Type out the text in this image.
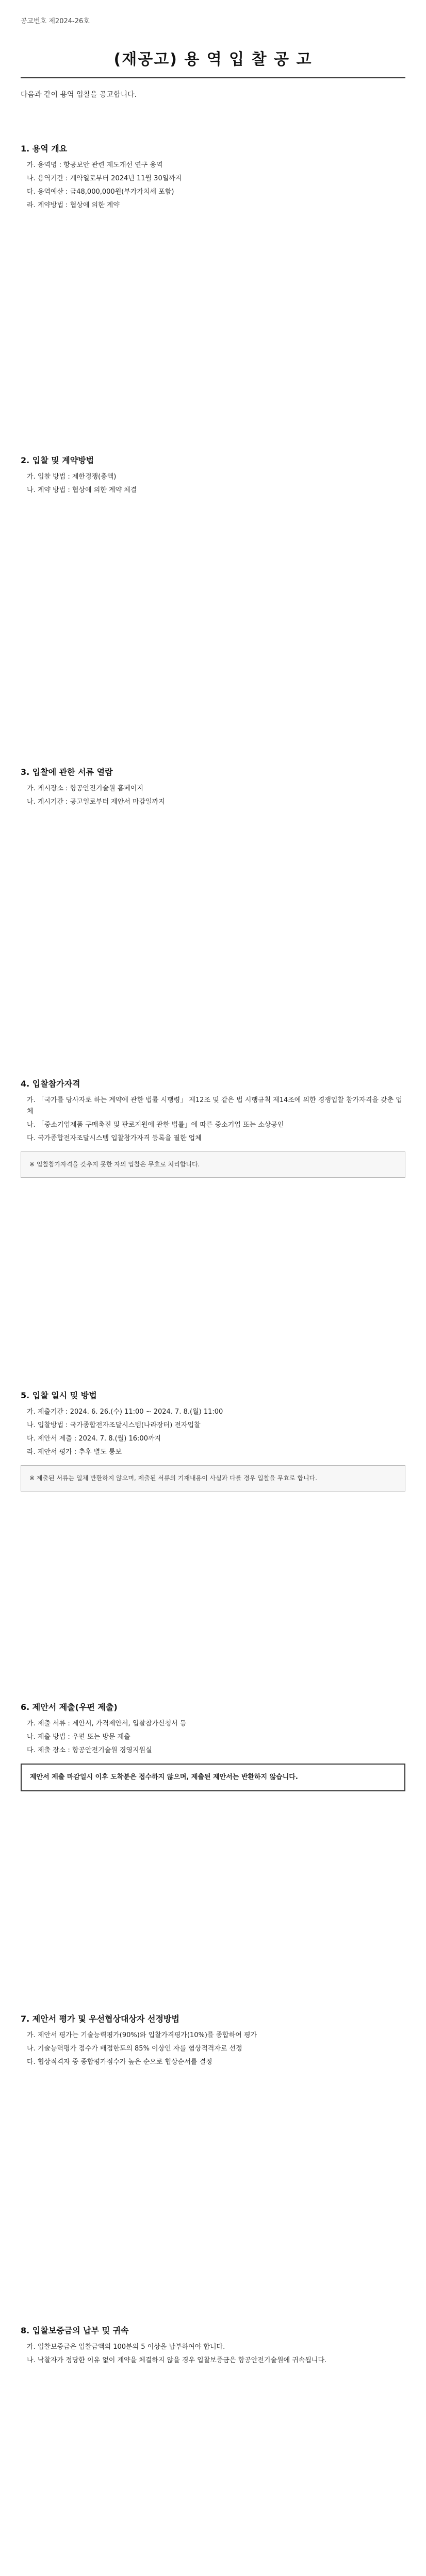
공고번호 제2024-26호
(재공고) 용 역 입 찰 공 고
다음과 같이 용역 입찰을 공고합니다.
1. 용역 개요
가. 용역명 : 항공보안 관련 제도개선 연구 용역
나. 용역기간 : 계약일로부터 2024년 11월 30일까지
다. 용역예산 : 금48,000,000원(부가가치세 포함)
라. 계약방법 : 협상에 의한 계약
2. 입찰 및 계약방법
가. 입찰 방법 : 제한경쟁(총액)
나. 계약 방법 : 협상에 의한 계약 체결
3. 입찰에 관한 서류 열람
가. 게시장소 : 항공안전기술원 홈페이지
나. 게시기간 : 공고일로부터 제안서 마감일까지
4. 입찰참가자격
가. 「국가를 당사자로 하는 계약에 관한 법률 시행령」 제12조 및 같은 법 시행규칙 제14조에 의한 경쟁입찰 참가자격을 갖춘 업체
나. 「중소기업제품 구매촉진 및 판로지원에 관한 법률」에 따른 중소기업 또는 소상공인
다. 국가종합전자조달시스템 입찰참가자격 등록을 필한 업체
※ 입찰참가자격을 갖추지 못한 자의 입찰은 무효로 처리합니다.
5. 입찰 일시 및 방법
가. 제출기간 : 2024. 6. 26.(수) 11:00 ~ 2024. 7. 8.(월) 11:00
나. 입찰방법 : 국가종합전자조달시스템(나라장터) 전자입찰
다. 제안서 제출 : 2024. 7. 8.(월) 16:00까지
라. 제안서 평가 : 추후 별도 통보
※ 제출된 서류는 일체 반환하지 않으며, 제출된 서류의 기재내용이 사실과 다를 경우 입찰을 무효로 합니다.
6. 제안서 제출(우편 제출)
가. 제출 서류 : 제안서, 가격제안서, 입찰참가신청서 등
나. 제출 방법 : 우편 또는 방문 제출
다. 제출 장소 : 항공안전기술원 경영지원실
제안서 제출 마감일시 이후 도착분은 접수하지 않으며, 제출된 제안서는 반환하지 않습니다.
7. 제안서 평가 및 우선협상대상자 선정방법
가. 제안서 평가는 기술능력평가(90%)와 입찰가격평가(10%)를 종합하여 평가
나. 기술능력평가 점수가 배점한도의 85% 이상인 자를 협상적격자로 선정
다. 협상적격자 중 종합평가점수가 높은 순으로 협상순서를 결정
8. 입찰보증금의 납부 및 귀속
가. 입찰보증금은 입찰금액의 100분의 5 이상을 납부하여야 합니다.
나. 낙찰자가 정당한 이유 없이 계약을 체결하지 않을 경우 입찰보증금은 항공안전기술원에 귀속됩니다.
